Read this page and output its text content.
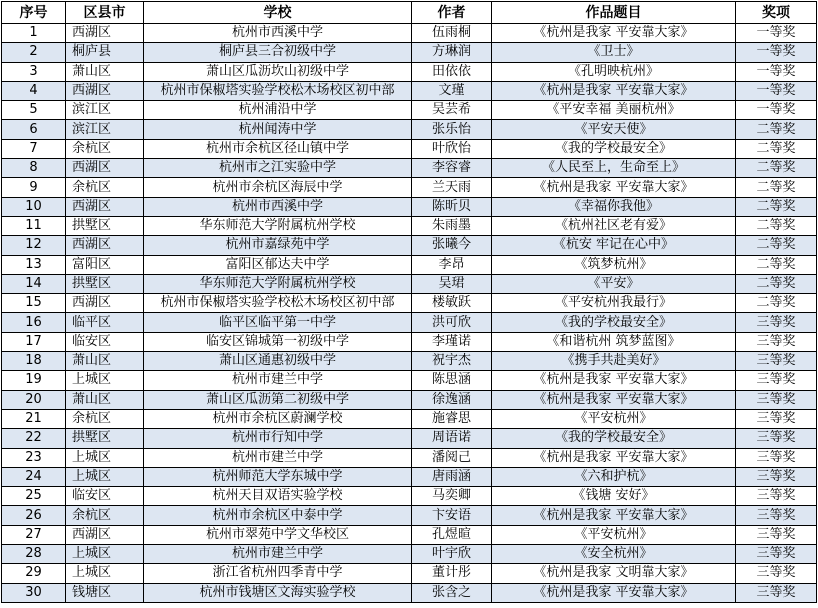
序号	区县市	学校	作者	作品题目	奖项
1	西湖区	杭州市西溪中学	伍雨桐	《杭州是我家 平安靠大家》	一等奖
2	桐庐县	桐庐县三合初级中学	方琳润	《卫士》	一等奖
3	萧山区	萧山区瓜沥坎山初级中学	田依依	《孔明映杭州》	一等奖
4	西湖区	杭州市保椒塔实验学校松木场校区初中部	文瑾	《杭州是我家 平安靠大家》	一等奖
5	滨江区	杭州浦沿中学	吴芸希	《平安幸福 美丽杭州》	一等奖
6	滨江区	杭州闻涛中学	张乐怡	《平安天使》	二等奖
7	余杭区	杭州市余杭区径山镇中学	叶欣怡	《我的学校最安全》	二等奖
8	西湖区	杭州市之江实验中学	李容睿	《人民至上，生命至上》	二等奖
9	余杭区	杭州市余杭区海辰中学	兰天雨	《杭州是我家 平安靠大家》	二等奖
10	西湖区	杭州市西溪中学	陈昕贝	《幸福你我他》	二等奖
11	拱墅区	华东师范大学附属杭州学校	朱雨墨	《杭州社区老有爱》	二等奖
12	西湖区	杭州市嘉绿苑中学	张曦今	《杭安 牢记在心中》	二等奖
13	富阳区	富阳区郁达夫中学	李昂	《筑梦杭州》	二等奖
14	拱墅区	华东师范大学附属杭州学校	吴珺	《平安》	二等奖
15	西湖区	杭州市保椒塔实验学校松木场校区初中部	楼敏跃	《平安杭州我最行》	二等奖
16	临平区	临平区临平第一中学	洪可欣	《我的学校最安全》	三等奖
17	临安区	临安区锦城第一初级中学	李瑾诺	《和谐杭州 筑梦蓝图》	三等奖
18	萧山区	萧山区通惠初级中学	祝宇杰	《携手共赴美好》	三等奖
19	上城区	杭州市建兰中学	陈思涵	《杭州是我家 平安靠大家》	三等奖
20	萧山区	萧山区瓜沥第二初级中学	徐逸涵	《杭州是我家 平安靠大家》	三等奖
21	余杭区	杭州市余杭区蔚澜学校	施睿思	《平安杭州》	三等奖
22	拱墅区	杭州市行知中学	周语诺	《我的学校最安全》	三等奖
23	上城区	杭州市建兰中学	潘阅己	《杭州是我家 平安靠大家》	三等奖
24	上城区	杭州师范大学东城中学	唐雨涵	《六和护杭》	三等奖
25	临安区	杭州天目双语实验学校	马奕卿	《钱塘 安好》	三等奖
26	余杭区	杭州市余杭区中泰中学	卞安语	《杭州是我家 平安靠大家》	三等奖
27	西湖区	杭州市翠苑中学文华校区	孔煜暄	《平安杭州》	三等奖
28	上城区	杭州市建兰中学	叶宇欣	《安全杭州》	三等奖
29	上城区	浙江省杭州四季青中学	董计彤	《杭州是我家 文明靠大家》	三等奖
30	钱塘区	杭州市钱塘区文海实验学校	张含之	《杭州是我家 平安靠大家》	三等奖
